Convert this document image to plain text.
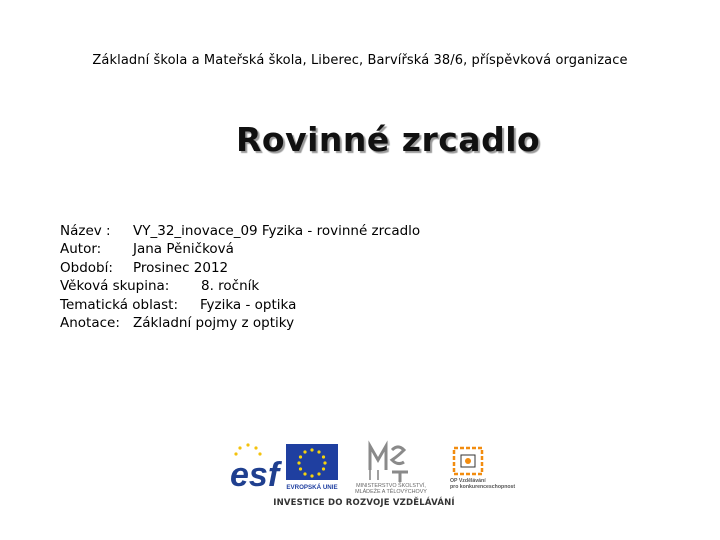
Základní škola a Mateřská škola, Liberec, Barvířská 38/6, příspěvková organizace
Rovinné zrcadlo
Název : VY_32_inovace_09 Fyzika - rovinné zrcadlo
Autor: Jana Pěničková
Období: Prosinec 2012
Věková skupina: 8. ročník
Tematická oblast: Fyzika - optika
Anotace: Základní pojmy z optiky
esf	EVROPSKÁ UNIE	MINISTERSTVO ŠKOLSTVÍ,
MLÁDEŽE A TĚLOVÝCHOVY
OP Vzdělávání
pro konkurenceschopnost
INVESTICE DO ROZVOJE VZDĚLÁVÁNÍ
